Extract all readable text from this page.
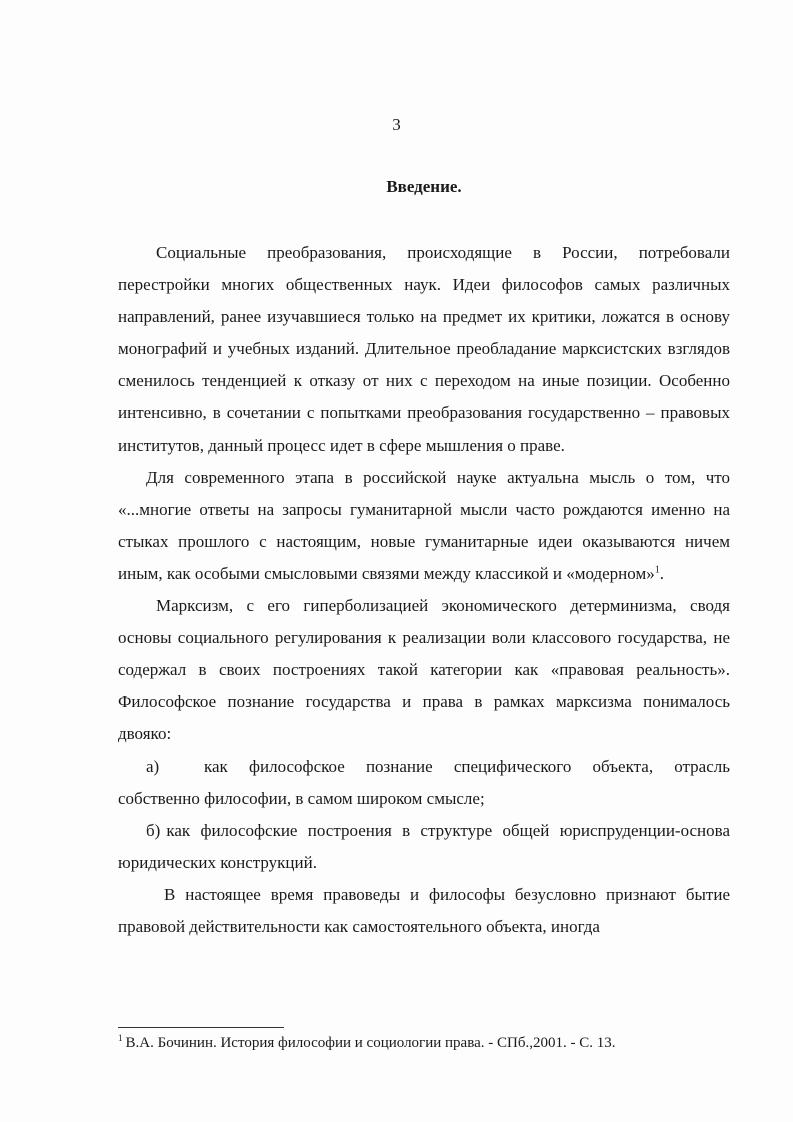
3
Введение.

Социальные преобразования, происходящие в России, потребовали перестройки многих общественных наук. Идеи философов самых различных направлений, ранее изучавшиеся только на предмет их критики, ложатся в основу монографий и учебных изданий. Длительное преобладание марксистских взглядов сменилось тенденцией к отказу от них с переходом на иные позиции. Особенно интенсивно, в сочетании с попытками преобразования государственно – правовых институтов, данный процесс идет в сфере мышления о праве.

Для современного этапа в российской науке актуальна мысль о том, что «...многие ответы на запросы гуманитарной мысли часто рождаются именно на стыках прошлого с настоящим, новые гуманитарные идеи оказываются ничем иным, как особыми смысловыми связями между классикой и «модерном»$^1$.

Марксизм, с его гиперболизацией экономического детерминизма, сводя основы социального регулирования к реализации воли классового государства, не содержал в своих построениях такой категории как «правовая реальность». Философское познание государства и права в рамках марксизма понималось двояко:

а)	как философское познание специфического объекта, отрасль собственно философии, в самом широком смысле;

б) как философские построения в структуре общей юриспруденции-основа юридических конструкций.

В настоящее время правоведы и философы безусловно признают бытие правовой действительности как самостоятельного объекта, иногда

$^1$ В.А. Бочинин. История философии и социологии права. - СПб.,2001. - С. 13.
